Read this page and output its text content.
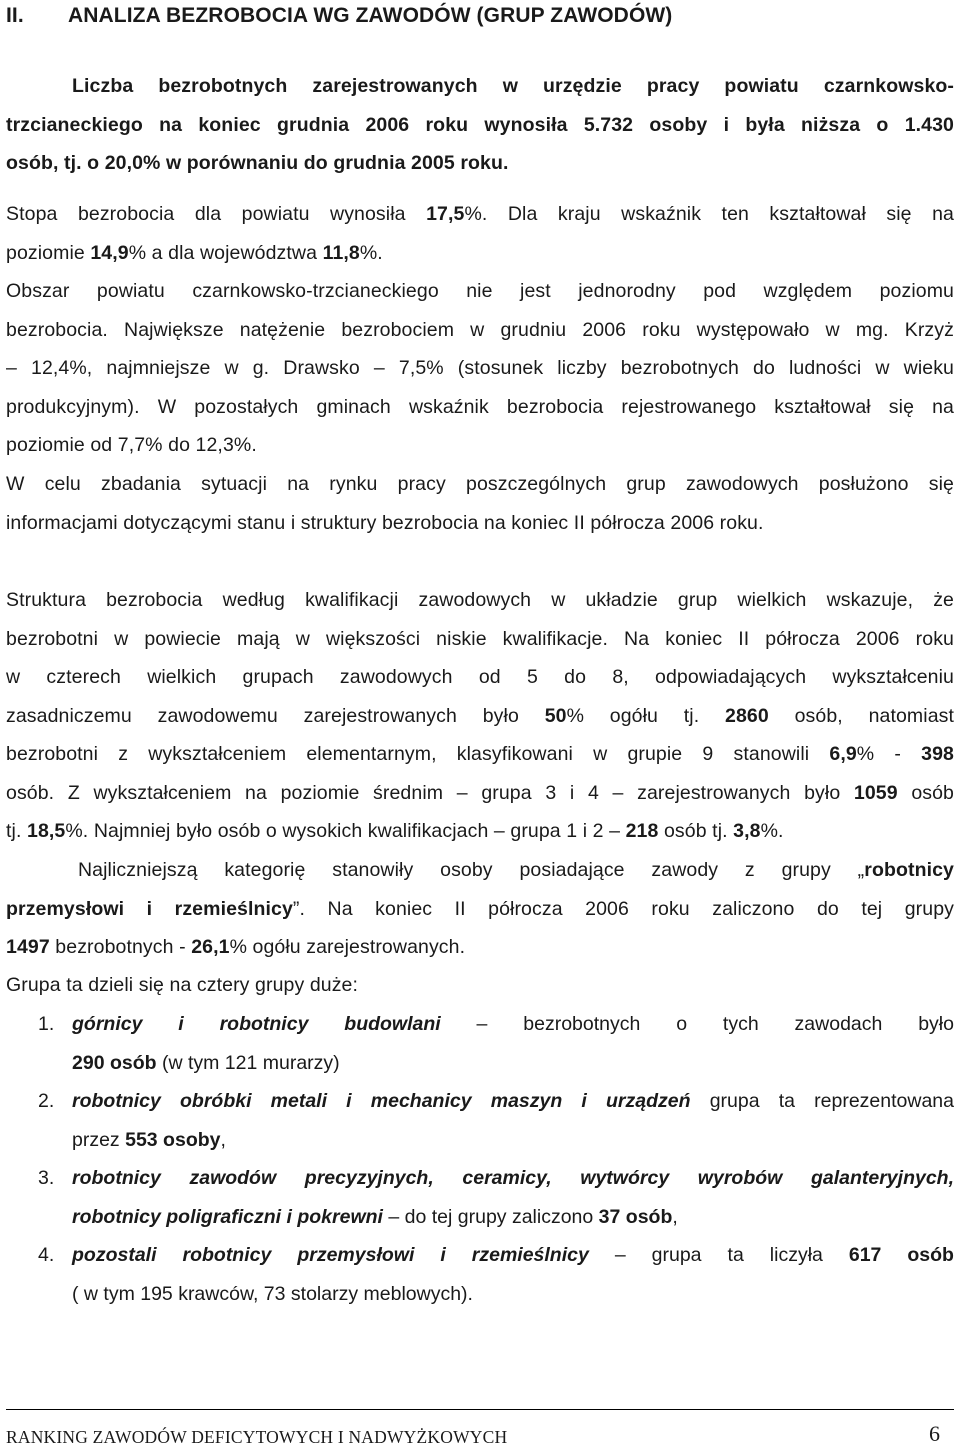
II. ANALIZA BEZROBOCIA WG ZAWODÓW (GRUP ZAWODÓW)

Liczba bezrobotnych zarejestrowanych w urzędzie pracy powiatu czarnkowsko-
trzcianeckiego na koniec grudnia 2006 roku wynosiła 5.732 osoby i była niższa o 1.430
osób, tj. o 20,0% w porównaniu do grudnia 2005 roku.

Stopa bezrobocia dla powiatu wynosiła 17,5%. Dla kraju wskaźnik ten kształtował się na
poziomie 14,9% a dla województwa 11,8%.

Obszar powiatu czarnkowsko-trzcianeckiego nie jest jednorodny pod względem poziomu
bezrobocia. Największe natężenie bezrobociem w grudniu 2006 roku występowało w mg. Krzyż
– 12,4%, najmniejsze w g. Drawsko – 7,5% (stosunek liczby bezrobotnych do ludności w wieku
produkcyjnym). W pozostałych gminach wskaźnik bezrobocia rejestrowanego kształtował się na
poziomie od 7,7% do 12,3%.

W celu zbadania sytuacji na rynku pracy poszczególnych grup zawodowych posłużono się
informacjami dotyczącymi stanu i struktury bezrobocia na koniec II półrocza 2006 roku.

Struktura bezrobocia według kwalifikacji zawodowych w układzie grup wielkich wskazuje, że
bezrobotni w powiecie mają w większości niskie kwalifikacje. Na koniec II półrocza 2006 roku
w czterech wielkich grupach zawodowych od 5 do 8, odpowiadających wykształceniu
zasadniczemu zawodowemu zarejestrowanych było 50% ogółu tj. 2860 osób, natomiast
bezrobotni z wykształceniem elementarnym, klasyfikowani w grupie 9 stanowili 6,9% - 398
osób. Z wykształceniem na poziomie średnim – grupa 3 i 4 – zarejestrowanych było 1059 osób
tj. 18,5%. Najmniej było osób o wysokich kwalifikacjach – grupa 1 i 2 – 218 osób tj. 3,8%.

Najliczniejszą kategorię stanowiły osoby posiadające zawody z grupy „robotnicy
przemysłowi i rzemieślnicy”. Na koniec II półrocza 2006 roku zaliczono do tej grupy
1497 bezrobotnych - 26,1% ogółu zarejestrowanych.

Grupa ta dzieli się na cztery grupy duże:

1. górnicy i robotnicy budowlani – bezrobotnych o tych zawodach było
290 osób (w tym 121 murarzy)
2. robotnicy obróbki metali i mechanicy maszyn i urządzeń grupa ta reprezentowana
przez 553 osoby,
3. robotnicy zawodów precyzyjnych, ceramicy, wytwórcy wyrobów galanteryjnych,
robotnicy poligraficzni i pokrewni – do tej grupy zaliczono 37 osób,
4. pozostali robotnicy przemysłowi i rzemieślnicy – grupa ta liczyła 617 osób
( w tym 195 krawców, 73 stolarzy meblowych).

RANKING ZAWODÓW DEFICYTOWYCH I NADWYŻKOWYCH	6
